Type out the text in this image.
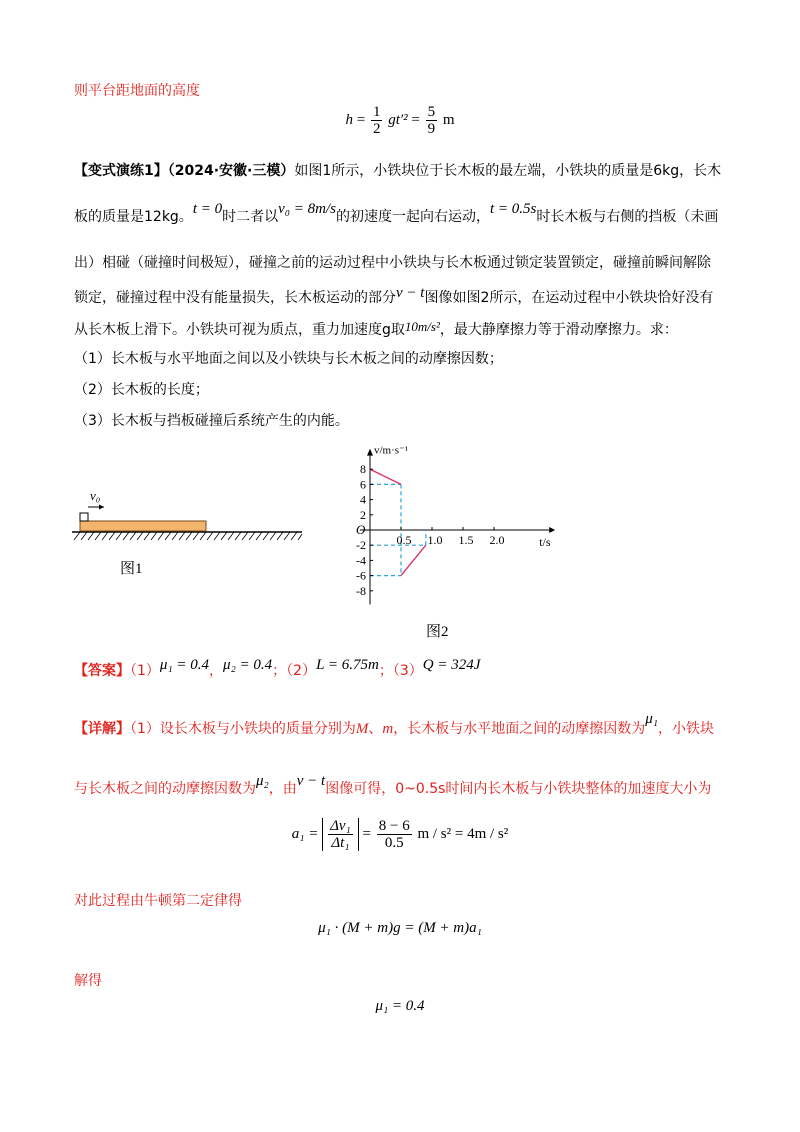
则平台距地面的高度
$h = \frac{1}{2} gt'^2 = \frac{5}{9}$ m
【变式演练1】（2024·安徽·三模）如图1所示，小铁块位于长木板的最左端，小铁块的质量是6kg，长木
板的质量是12kg。t = 0时二者以v₀ = 8m/s的初速度一起向右运动，t = 0.5s时长木板与右侧的挡板（未画
出）相碰（碰撞时间极短），碰撞之前的运动过程中小铁块与长木板通过锁定装置锁定，碰撞前瞬间解除
锁定，碰撞过程中没有能量损失，长木板运动的部分v − t图像如图2所示，在运动过程中小铁块恰好没有
从长木板上滑下。小铁块可视为质点，重力加速度g取10m/s²，最大静摩擦力等于滑动摩擦力。求：
（1）长木板与水平地面之间以及小铁块与长木板之间的动摩擦因数；
（2）长木板的长度；
（3）长木板与挡板碰撞后系统产生的内能。
v₀
图1
v/m·s⁻¹
t/s
O
8
6
4
2
-2
-4
-6
-8
0.5 1.0 1.5 2.0
图2
【答案】（1）μ₁ = 0.4，μ₂ = 0.4；（2）L = 6.75m；（3）Q = 324J
【详解】（1）设长木板与小铁块的质量分别为M、m，长木板与水平地面之间的动摩擦因数为μ₁，小铁块
与长木板之间的动摩擦因数为μ₂，由v − t图像可得，0~0.5s时间内长木板与小铁块整体的加速度大小为
$a_1 = \frac{\text{Δv₁}}{\text{Δt₁}} = \frac{8 - 6}{0.5}$ m / s² = 4m / s²
对此过程由牛顿第二定律得
μ₁ · (M + m)g = (M + m)a₁
解得
μ₁ = 0.4
